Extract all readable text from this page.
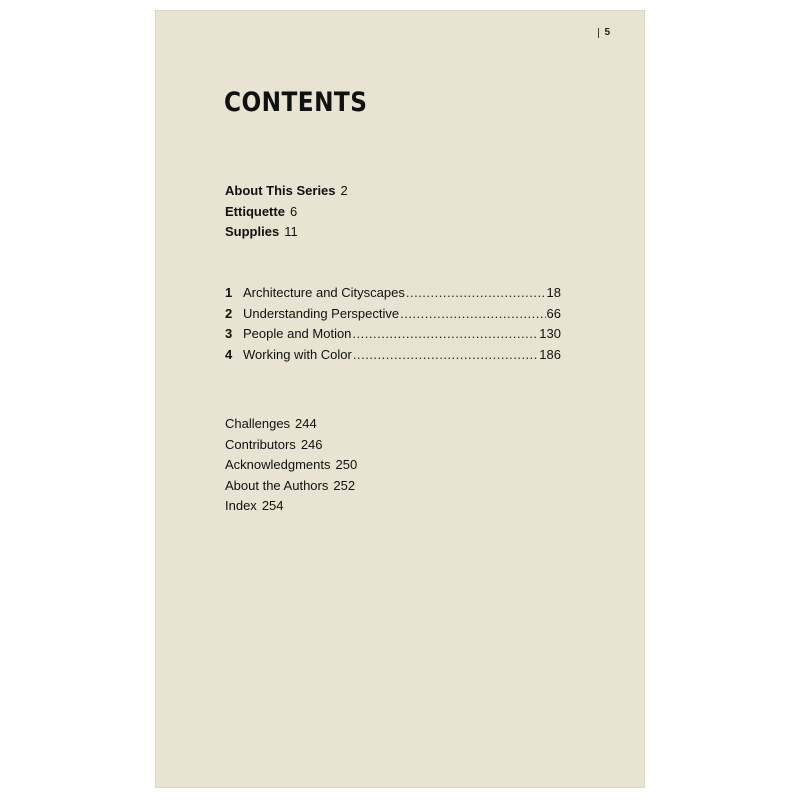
5
CONTENTS
About This Series 2
Ettiquette 6
Supplies 11
1 Architecture and Cityscapes .....	18
2 Understanding Perspective .....	66
3 People and Motion .....	130
4 Working with Color .....	186
Challenges 244
Contributors 246
Acknowledgments 250
About the Authors 252
Index 254
